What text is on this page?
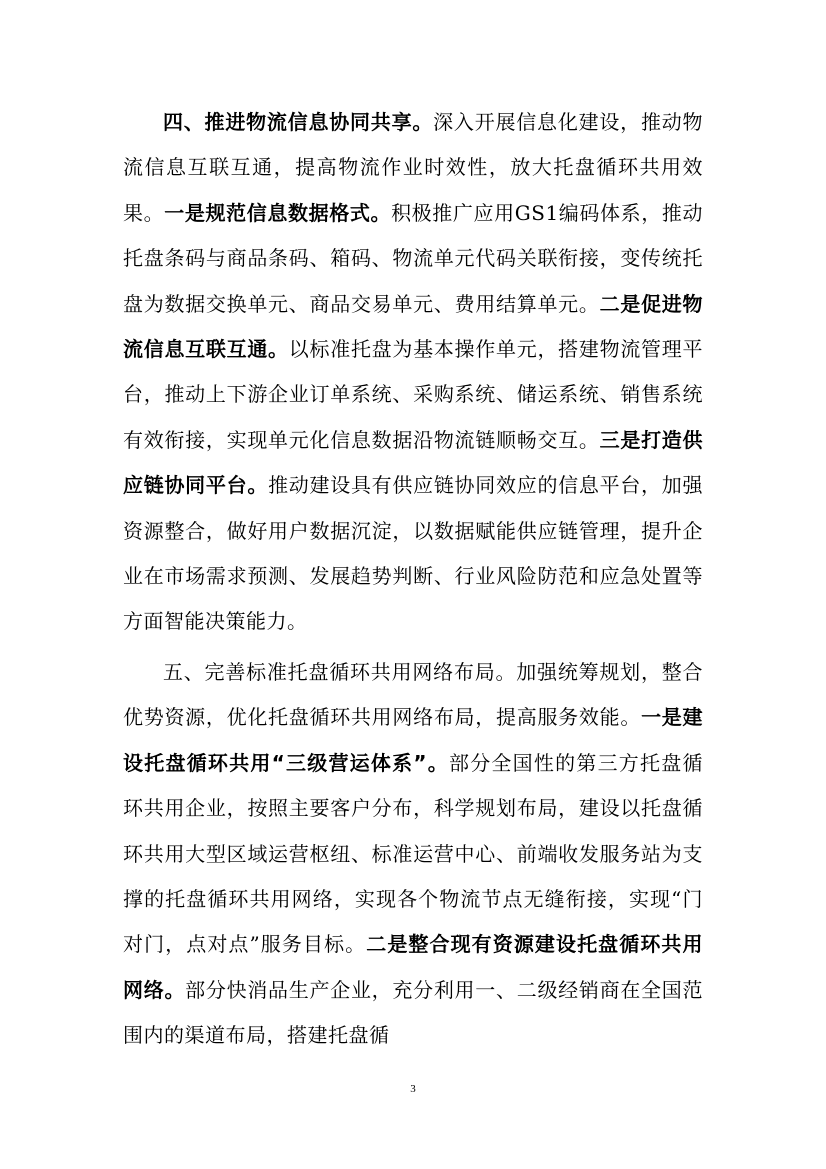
四、推进物流信息协同共享。深入开展信息化建设，推动物流信息互联互通，提高物流作业时效性，放大托盘循环共用效果。一是规范信息数据格式。积极推广应用GS1编码体系，推动托盘条码与商品条码、箱码、物流单元代码关联衔接，变传统托盘为数据交换单元、商品交易单元、费用结算单元。二是促进物流信息互联互通。以标准托盘为基本操作单元，搭建物流管理平台，推动上下游企业订单系统、采购系统、储运系统、销售系统有效衔接，实现单元化信息数据沿物流链顺畅交互。三是打造供应链协同平台。推动建设具有供应链协同效应的信息平台，加强资源整合，做好用户数据沉淀，以数据赋能供应链管理，提升企业在市场需求预测、发展趋势判断、行业风险防范和应急处置等方面智能决策能力。

五、完善标准托盘循环共用网络布局。加强统筹规划，整合优势资源，优化托盘循环共用网络布局，提高服务效能。一是建设托盘循环共用“三级营运体系”。部分全国性的第三方托盘循环共用企业，按照主要客户分布，科学规划布局，建设以托盘循环共用大型区域运营枢纽、标准运营中心、前端收发服务站为支撑的托盘循环共用网络，实现各个物流节点无缝衔接，实现“门对门，点对点”服务目标。二是整合现有资源建设托盘循环共用网络。部分快消品生产企业，充分利用一、二级经销商在全国范围内的渠道布局，搭建托盘循

3
